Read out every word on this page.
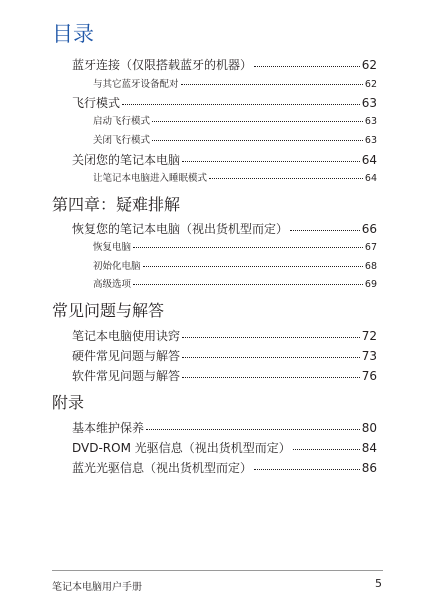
目录
蓝牙连接（仅限搭载蓝牙的机器）	62
与其它蓝牙设备配对	62
飞行模式	63
启动飞行模式	63
关闭飞行模式	63
关闭您的笔记本电脑	64
让笔记本电脑进入睡眠模式	64
第四章：疑难排解
恢复您的笔记本电脑（视出货机型而定）	66
恢复电脑	67
初始化电脑	68
高级选项	69
常见问题与解答
笔记本电脑使用诀窍	72
硬件常见问题与解答	73
软件常见问题与解答	76
附录
基本维护保养	80
DVD-ROM 光驱信息（视出货机型而定）	84
蓝光光驱信息（视出货机型而定）	86
笔记本电脑用户手册	5
